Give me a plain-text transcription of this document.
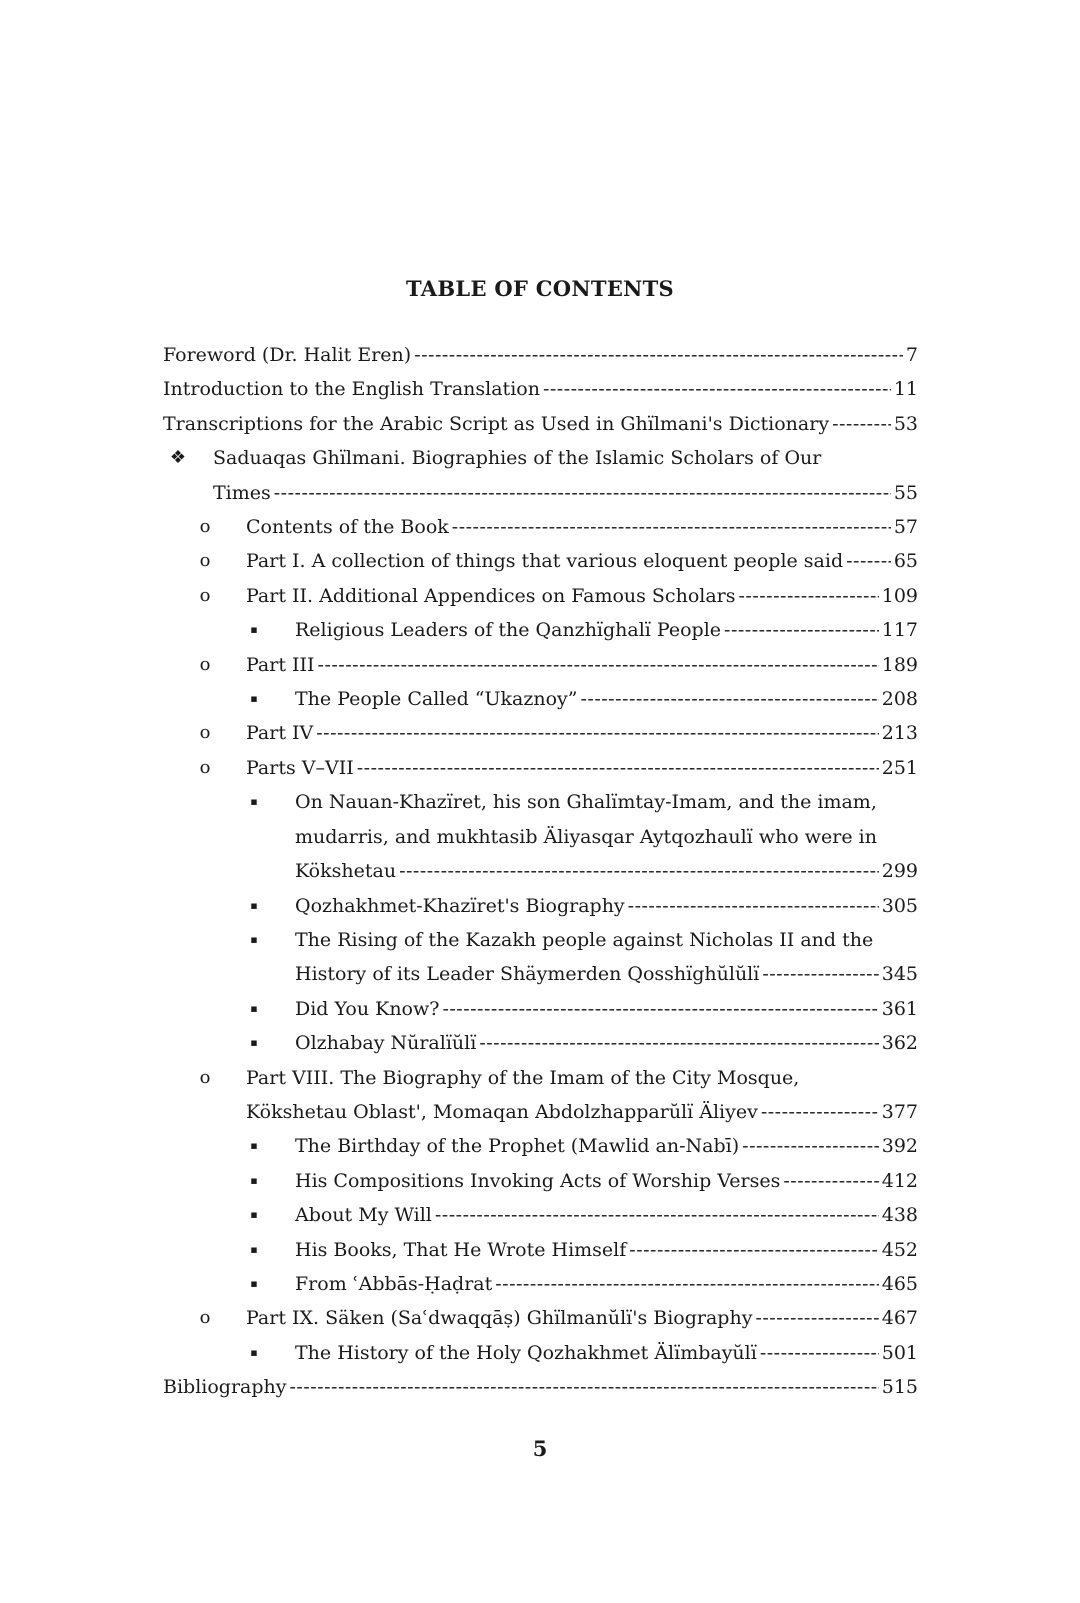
TABLE OF CONTENTS
Foreword (Dr. Halit Eren) -----	7
Introduction to the English Translation -----	11
Transcriptions for the Arabic Script as Used in Ghïlmani's Dictionary -----	53
❖	Saduaqas Ghïlmani. Biographies of the Islamic Scholars of Our
Times -----	55
o	Contents of the Book -----	57
o	Part I. A collection of things that various eloquent people said -----	65
o	Part II. Additional Appendices on Famous Scholars -----	109
▪	Religious Leaders of the Qanzhïghalï People -----	117
o	Part III -----	189
▪	The People Called “Ukaznoy” -----	208
o	Part IV -----	213
o	Parts V–VII -----	251
▪	On Nauan-Khazïret, his son Ghalïmtay-Imam, and the imam,
mudarris, and mukhtasib Äliyasqar Aytqozhaulï who were in
Kökshetau -----	299
▪	Qozhakhmet-Khazïret's Biography -----	305
▪	The Rising of the Kazakh people against Nicholas II and the
History of its Leader Shäymerden Qosshïghŭlŭlï -----	345
▪	Did You Know? -----	361
▪	Olzhabay Nŭralïŭlï -----	362
o	Part VIII. The Biography of the Imam of the City Mosque,
Kökshetau Oblast', Momaqan Abdolzhapparŭlï Äliyev -----	377
▪	The Birthday of the Prophet (Mawlid an-Nabī) -----	392
▪	His Compositions Invoking Acts of Worship Verses -----	412
▪	About My Will -----	438
▪	His Books, That He Wrote Himself -----	452
▪	From ʿAbbās-Ḥaḍrat -----	465
o	Part IX. Säken (Saʿdwaqqāṣ) Ghïlmanŭlï's Biography -----	467
▪	The History of the Holy Qozhakhmet Älïmbayŭlï -----	501
Bibliography -----	515
5
